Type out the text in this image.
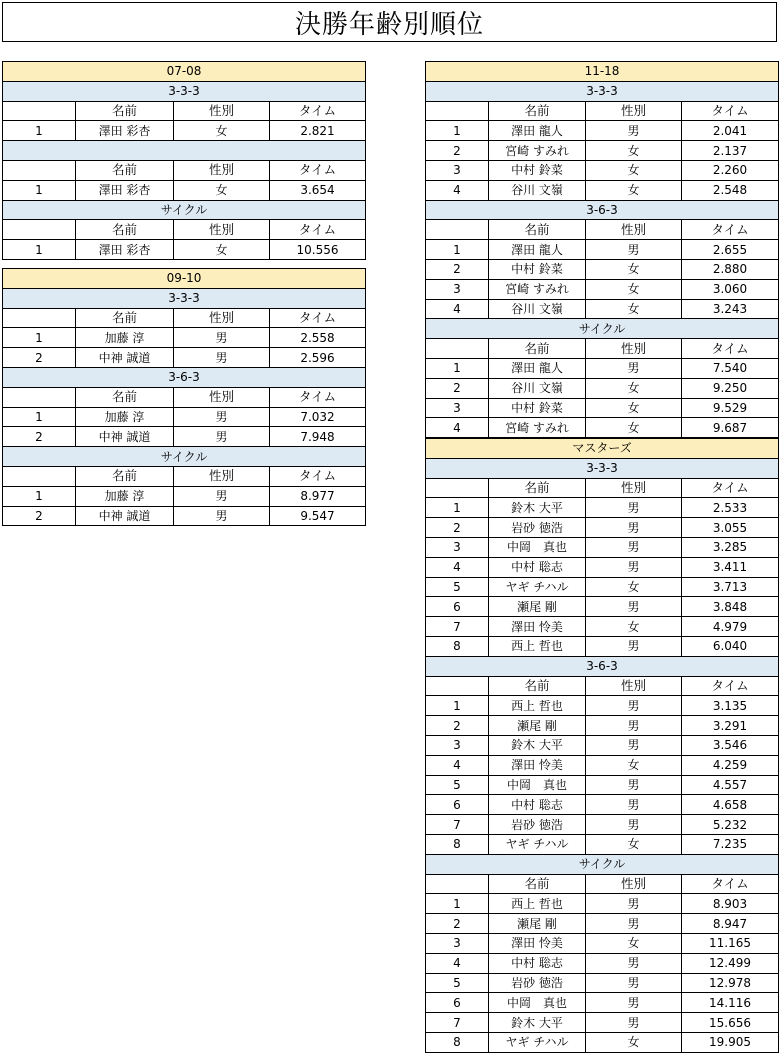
決勝年齢別順位
07-08			
3-3-3			
	名前	性別	タイム
1	澤田 彩杏	女	2.821

	名前	性別	タイム
1	澤田 彩杏	女	3.654
サイクル			
	名前	性別	タイム
1	澤田 彩杏	女	10.556
09-10			
3-3-3			
	名前	性別	タイム
1	加藤 淳	男	2.558
2	中神 誠道	男	2.596
3-6-3			
	名前	性別	タイム
1	加藤 淳	男	7.032
2	中神 誠道	男	7.948
サイクル			
	名前	性別	タイム
1	加藤 淳	男	8.977
2	中神 誠道	男	9.547
11-18			
3-3-3			
	名前	性別	タイム
1	澤田 龍人	男	2.041
2	宮崎 すみれ	女	2.137
3	中村 鈴菜	女	2.260
4	谷川 文嶺	女	2.548
3-6-3			
	名前	性別	タイム
1	澤田 龍人	男	2.655
2	中村 鈴菜	女	2.880
3	宮崎 すみれ	女	3.060
4	谷川 文嶺	女	3.243
サイクル			
	名前	性別	タイム
1	澤田 龍人	男	7.540
2	谷川 文嶺	女	9.250
3	中村 鈴菜	女	9.529
4	宮崎 すみれ	女	9.687
マスターズ			
3-3-3			
	名前	性別	タイム
1	鈴木 大平	男	2.533
2	岩砂 徳浩	男	3.055
3	中岡　真也	男	3.285
4	中村 聡志	男	3.411
5	ヤギ チハル	女	3.713
6	瀬尾 剛	男	3.848
7	澤田 怜美	女	4.979
8	西上 哲也	男	6.040
3-6-3			
	名前	性別	タイム
1	西上 哲也	男	3.135
2	瀬尾 剛	男	3.291
3	鈴木 大平	男	3.546
4	澤田 怜美	女	4.259
5	中岡　真也	男	4.557
6	中村 聡志	男	4.658
7	岩砂 徳浩	男	5.232
8	ヤギ チハル	女	7.235
サイクル			
	名前	性別	タイム
1	西上 哲也	男	8.903
2	瀬尾 剛	男	8.947
3	澤田 怜美	女	11.165
4	中村 聡志	男	12.499
5	岩砂 徳浩	男	12.978
6	中岡　真也	男	14.116
7	鈴木 大平	男	15.656
8	ヤギ チハル	女	19.905
